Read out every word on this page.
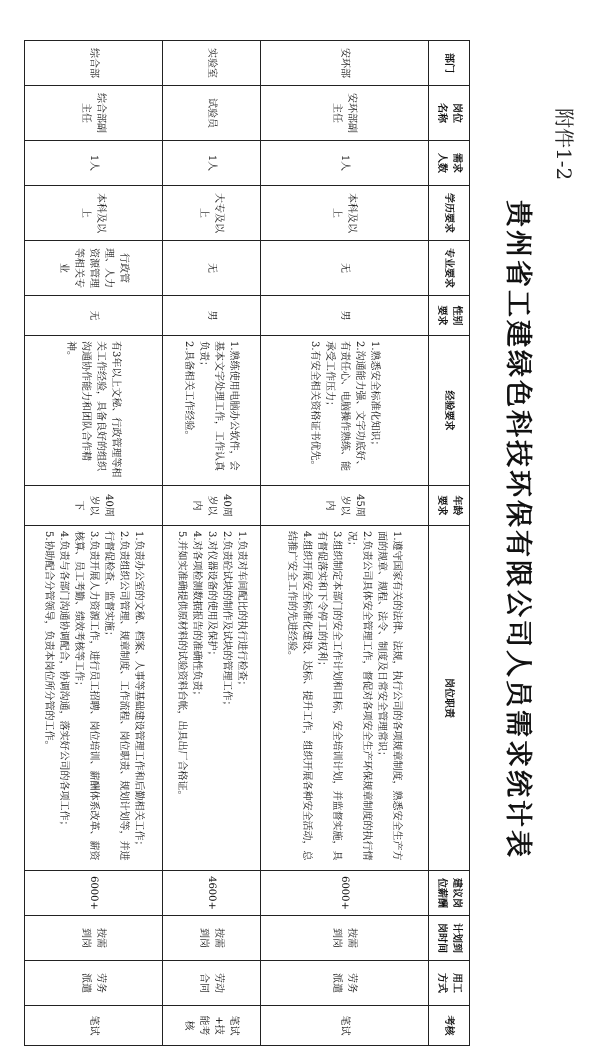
附件1-2
贵州省工建绿色科技环保有限公司人员需求统计表
部门	岗位名称	需求人数	学历要求	专业要求	性别要求	经验要求	年龄要求	岗位职责	建议岗位薪酬	计划到岗时间	用工方式	考核
安环部	安环部副主任	1人	本科及以上	无	男	1.熟悉安全标准化知识；
2.沟通能力强、文字功底好、有责任心、电脑操作熟练、能承受工作压力；
3.有安全相关资格证书优先。	45周岁以内	1.遵守国家有关的法律、法规，执行公司的各项规章制度，熟悉安全生产方面的规章、规程、法令、制度及日常安全管理常识；
2.负责公司具体安全管理工作，督促对各项安全生产环保规章制度的执行情况；
3.组织制定本部门的安全工作计划和目标，安全培训计划，并监督实施，具有督促落实和下令停工的权利；
4.组织开展安全标准化建设、达标、提升工作，组织开展各种安全活动，总结推广安全工作的先进经验。	6000+	按需到岗	劳务派遣	笔试
实验室	试验员	1人	大专及以上	无	男	1.熟练使用电脑办公软件，会基本文字处理工作，工作认真负责；
2.具备相关工作经验。	40周岁以内	1.负责对车间配比的执行进行检查；
2.负责砼试块的制作及试块的管理工作；
3.对仪器设备的使用及保护；
4.对各项检测数据报告的准确性负责；
5.并如实准确提供原材料的试验资料台帐，出具出厂合格证。	4600+	按需到岗	劳动合同	笔试+技能考核
综合部	综合部副主任	1人	本科及以上	行政管理、人力资源管理等相关专业	无	有3年以上文秘、行政管理等相关工作经验，具备良好的组织沟通协作能力和团队合作精神。	40周岁以下	1.负责办公室的文秘、档案、人事等基础建设管理工作和后勤相关工作；
2.负责组织公司管理、规章制度、工作流程、岗位职责、规划计划等，并进行督促检查、监督实施；
3.负责开展人力资源工作，进行员工招聘、岗位培训、薪酬体系改革、薪资核算、员工考勤、绩效考核等工作；
4.负责与各部门沟通协调配合，协调沟通，落实好公司的各项工作；
5.协助配合分管领导，负责本岗位所分管的工作。	6000+	按需到岗	劳务派遣	笔试
